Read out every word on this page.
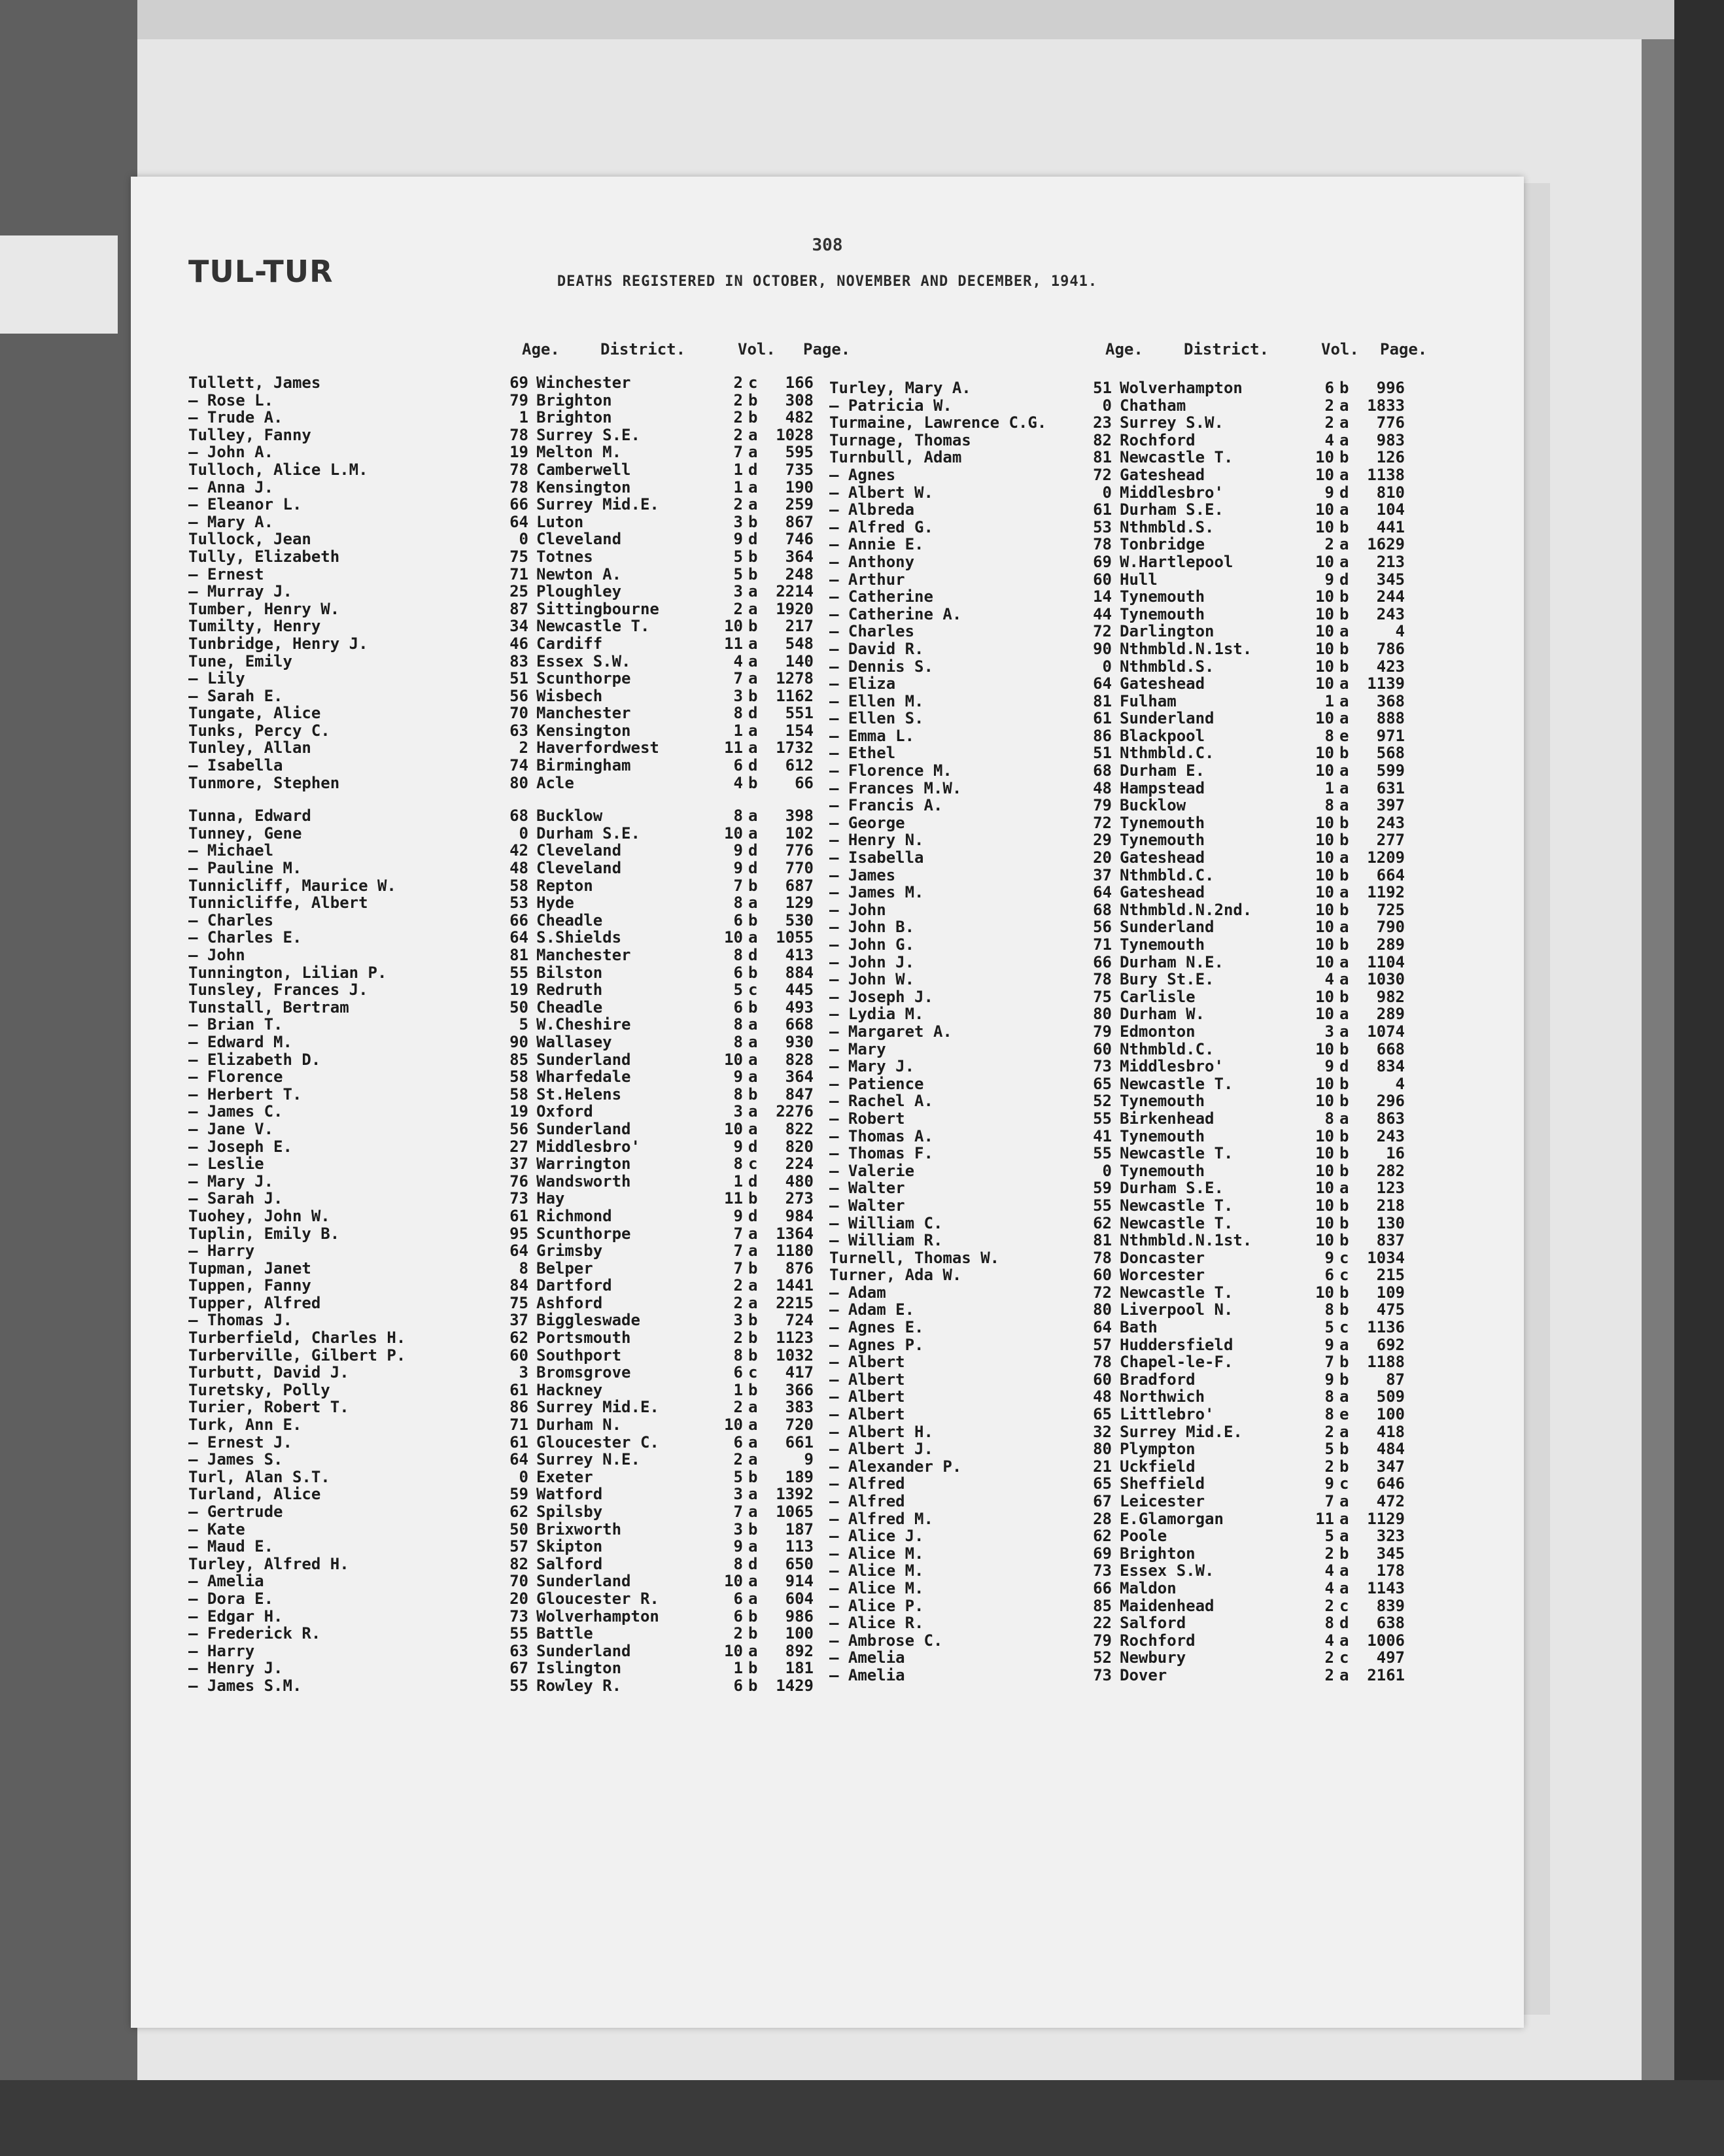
TUL-TUR
308
DEATHS REGISTERED IN OCTOBER, NOVEMBER AND DECEMBER, 1941.
Age.	District.	Vol. Page.	Age.	District.	Vol. Page.
Tullett, James	69 Winchester	2 c	166
— Rose L.	79 Brighton	2 b	308
— Trude A.	1 Brighton	2 b	482
Tulley, Fanny	78 Surrey S.E.	2 a	1028
— John A.	19 Melton M.	7 a	595
Tulloch, Alice L.M.	78 Camberwell	1 d	735
— Anna J.	78 Kensington	1 a	190
— Eleanor L.	66 Surrey Mid.E.	2 a	259
— Mary A.	64 Luton	3 b	867
Tullock, Jean	0 Cleveland	9 d	746
Tully, Elizabeth	75 Totnes	5 b	364
— Ernest	71 Newton A.	5 b	248
— Murray J.	25 Ploughley	3 a	2214
Tumber, Henry W.	87 Sittingbourne	2 a	1920
Tumilty, Henry	34 Newcastle T.	10 b	217
Tunbridge, Henry J.	46 Cardiff	11 a	548
Tune, Emily	83 Essex S.W.	4 a	140
— Lily	51 Scunthorpe	7 a	1278
— Sarah E.	56 Wisbech	3 b	1162
Tungate, Alice	70 Manchester	8 d	551
Tunks, Percy C.	63 Kensington	1 a	154
Tunley, Allan	2 Haverfordwest	11 a	1732
— Isabella	74 Birmingham	6 d	612
Tunmore, Stephen	80 Acle	4 b	66
Tunna, Edward	68 Bucklow	8 a	398
Tunney, Gene	0 Durham S.E.	10 a	102
— Michael	42 Cleveland	9 d	776
— Pauline M.	48 Cleveland	9 d	770
Tunnicliff, Maurice W.	58 Repton	7 b	687
Tunnicliffe, Albert	53 Hyde	8 a	129
— Charles	66 Cheadle	6 b	530
— Charles E.	64 S.Shields	10 a	1055
— John	81 Manchester	8 d	413
Tunnington, Lilian P.	55 Bilston	6 b	884
Tunsley, Frances J.	19 Redruth	5 c	445
Tunstall, Bertram	50 Cheadle	6 b	493
— Brian T.	5 W.Cheshire	8 a	668
— Edward M.	90 Wallasey	8 a	930
— Elizabeth D.	85 Sunderland	10 a	828
— Florence	58 Wharfedale	9 a	364
— Herbert T.	58 St.Helens	8 b	847
— James C.	19 Oxford	3 a	2276
— Jane V.	56 Sunderland	10 a	822
— Joseph E.	27 Middlesbro'	9 d	820
— Leslie	37 Warrington	8 c	224
— Mary J.	76 Wandsworth	1 d	480
— Sarah J.	73 Hay	11 b	273
Tuohey, John W.	61 Richmond	9 d	984
Tuplin, Emily B.	95 Scunthorpe	7 a	1364
— Harry	64 Grimsby	7 a	1180
Tupman, Janet	8 Belper	7 b	876
Tuppen, Fanny	84 Dartford	2 a	1441
Tupper, Alfred	75 Ashford	2 a	2215
— Thomas J.	37 Biggleswade	3 b	724
Turberfield, Charles H.	62 Portsmouth	2 b	1123
Turberville, Gilbert P.	60 Southport	8 b	1032
Turbutt, David J.	3 Bromsgrove	6 c	417
Turetsky, Polly	61 Hackney	1 b	366
Turier, Robert T.	86 Surrey Mid.E.	2 a	383
Turk, Ann E.	71 Durham N.	10 a	720
— Ernest J.	61 Gloucester C.	6 a	661
— James S.	64 Surrey N.E.	2 a	9
Turl, Alan S.T.	0 Exeter	5 b	189
Turland, Alice	59 Watford	3 a	1392
— Gertrude	62 Spilsby	7 a	1065
— Kate	50 Brixworth	3 b	187
— Maud E.	57 Skipton	9 a	113
Turley, Alfred H.	82 Salford	8 d	650
— Amelia	70 Sunderland	10 a	914
— Dora E.	20 Gloucester R.	6 a	604
— Edgar H.	73 Wolverhampton	6 b	986
— Frederick R.	55 Battle	2 b	100
— Harry	63 Sunderland	10 a	892
— Henry J.	67 Islington	1 b	181
— James S.M.	55 Rowley R.	6 b	1429
Turley, Mary A.	51 Wolverhampton	6 b	996
— Patricia W.	0 Chatham	2 a	1833
Turmaine, Lawrence C.G.	23 Surrey S.W.	2 a	776
Turnage, Thomas	82 Rochford	4 a	983
Turnbull, Adam	81 Newcastle T.	10 b	126
— Agnes	72 Gateshead	10 a	1138
— Albert W.	0 Middlesbro'	9 d	810
— Albreda	61 Durham S.E.	10 a	104
— Alfred G.	53 Nthmbld.S.	10 b	441
— Annie E.	78 Tonbridge	2 a	1629
— Anthony	69 W.Hartlepool	10 a	213
— Arthur	60 Hull	9 d	345
— Catherine	14 Tynemouth	10 b	244
— Catherine A.	44 Tynemouth	10 b	243
— Charles	72 Darlington	10 a	4
— David R.	90 Nthmbld.N.1st.	10 b	786
— Dennis S.	0 Nthmbld.S.	10 b	423
— Eliza	64 Gateshead	10 a	1139
— Ellen M.	81 Fulham	1 a	368
— Ellen S.	61 Sunderland	10 a	888
— Emma L.	86 Blackpool	8 e	971
— Ethel	51 Nthmbld.C.	10 b	568
— Florence M.	68 Durham E.	10 a	599
— Frances M.W.	48 Hampstead	1 a	631
— Francis A.	79 Bucklow	8 a	397
— George	72 Tynemouth	10 b	243
— Henry N.	29 Tynemouth	10 b	277
— Isabella	20 Gateshead	10 a	1209
— James	37 Nthmbld.C.	10 b	664
— James M.	64 Gateshead	10 a	1192
— John	68 Nthmbld.N.2nd.	10 b	725
— John B.	56 Sunderland	10 a	790
— John G.	71 Tynemouth	10 b	289
— John J.	66 Durham N.E.	10 a	1104
— John W.	78 Bury St.E.	4 a	1030
— Joseph J.	75 Carlisle	10 b	982
— Lydia M.	80 Durham W.	10 a	289
— Margaret A.	79 Edmonton	3 a	1074
— Mary	60 Nthmbld.C.	10 b	668
— Mary J.	73 Middlesbro'	9 d	834
— Patience	65 Newcastle T.	10 b	4
— Rachel A.	52 Tynemouth	10 b	296
— Robert	55 Birkenhead	8 a	863
— Thomas A.	41 Tynemouth	10 b	243
— Thomas F.	55 Newcastle T.	10 b	16
— Valerie	0 Tynemouth	10 b	282
— Walter	59 Durham S.E.	10 a	123
— Walter	55 Newcastle T.	10 b	218
— William C.	62 Newcastle T.	10 b	130
— William R.	81 Nthmbld.N.1st.	10 b	837
Turnell, Thomas W.	78 Doncaster	9 c	1034
Turner, Ada W.	60 Worcester	6 c	215
— Adam	72 Newcastle T.	10 b	109
— Adam E.	80 Liverpool N.	8 b	475
— Agnes E.	64 Bath	5 c	1136
— Agnes P.	57 Huddersfield	9 a	692
— Albert	78 Chapel-le-F.	7 b	1188
— Albert	60 Bradford	9 b	87
— Albert	48 Northwich	8 a	509
— Albert	65 Littlebro'	8 e	100
— Albert H.	32 Surrey Mid.E.	2 a	418
— Albert J.	80 Plympton	5 b	484
— Alexander P.	21 Uckfield	2 b	347
— Alfred	65 Sheffield	9 c	646
— Alfred	67 Leicester	7 a	472
— Alfred M.	28 E.Glamorgan	11 a	1129
— Alice J.	62 Poole	5 a	323
— Alice M.	69 Brighton	2 b	345
— Alice M.	73 Essex S.W.	4 a	178
— Alice M.	66 Maldon	4 a	1143
— Alice P.	85 Maidenhead	2 c	839
— Alice R.	22 Salford	8 d	638
— Ambrose C.	79 Rochford	4 a	1006
— Amelia	52 Newbury	2 c	497
— Amelia	73 Dover	2 a	2161
